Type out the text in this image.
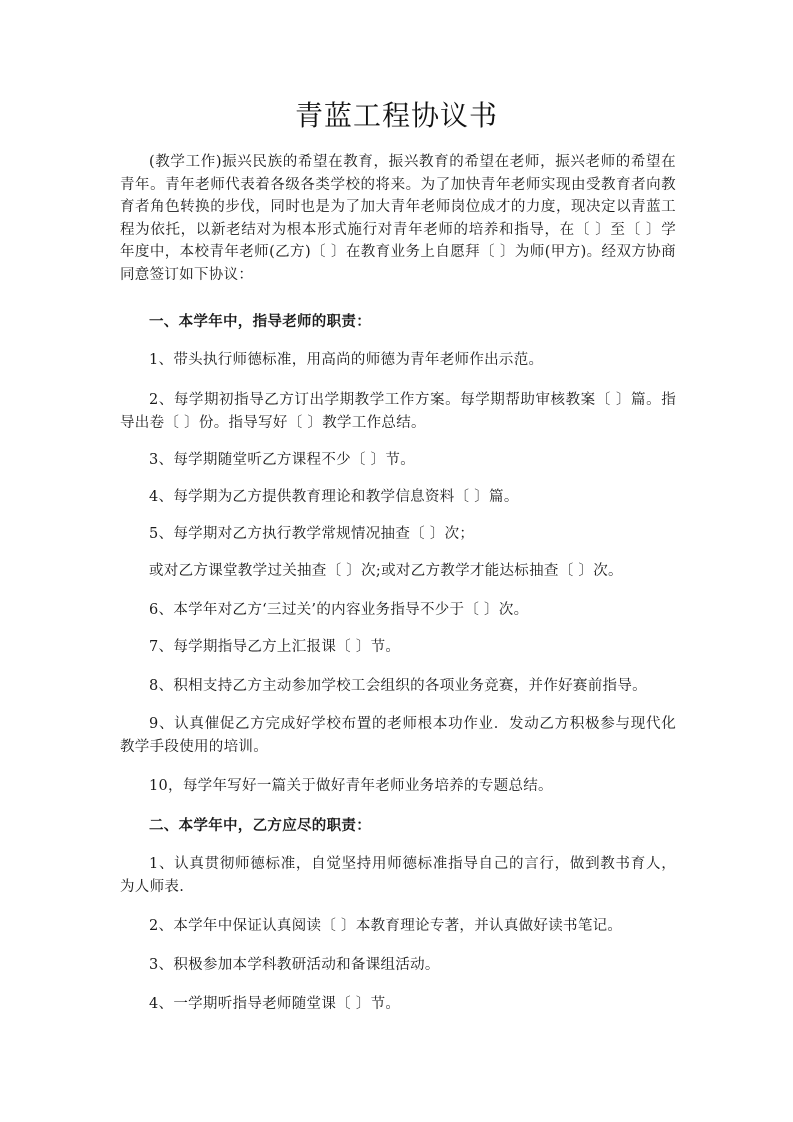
青蓝工程协议书

(教学工作)振兴民族的希望在教育，振兴教育的希望在老师，振兴老师的希望在青年。青年老师代表着各级各类学校的将来。为了加快青年老师实现由受教育者向教育者角色转换的步伐，同时也是为了加大青年老师岗位成才的力度，现决定以青蓝工程为依托，以新老结对为根本形式施行对青年老师的培养和指导，在〔 〕至〔 〕学年度中，本校青年老师(乙方)〔 〕在教育业务上自愿拜〔 〕为师(甲方)。经双方协商同意签订如下协议：

一、本学年中，指导老师的职责：

1、带头执行师德标准，用高尚的师德为青年老师作出示范。

2、每学期初指导乙方订出学期教学工作方案。每学期帮助审核教案〔 〕篇。指导出卷〔 〕份。指导写好〔 〕教学工作总结。

3、每学期随堂听乙方课程不少〔 〕节。

4、每学期为乙方提供教育理论和教学信息资料〔 〕篇。

5、每学期对乙方执行教学常规情况抽查〔 〕次；

或对乙方课堂教学过关抽查〔 〕次;或对乙方教学才能达标抽查〔 〕次。

6、本学年对乙方‘三过关’的内容业务指导不少于〔 〕次。

7、每学期指导乙方上汇报课〔 〕节。

8、积相支持乙方主动参加学校工会组织的各项业务竞赛，并作好赛前指导。

9、认真催促乙方完成好学校布置的老师根本功作业．发动乙方积极参与现代化教学手段使用的培训。

10，每学年写好一篇关于做好青年老师业务培养的专题总结。

二、本学年中，乙方应尽的职责：

1、认真贯彻师德标准，自觉坚持用师德标准指导自己的言行，做到教书育人，为人师表.

2、本学年中保证认真阅读〔 〕本教育理论专著，并认真做好读书笔记。

3、积极参加本学科教研活动和备课组活动。

4、一学期听指导老师随堂课〔 〕节。
